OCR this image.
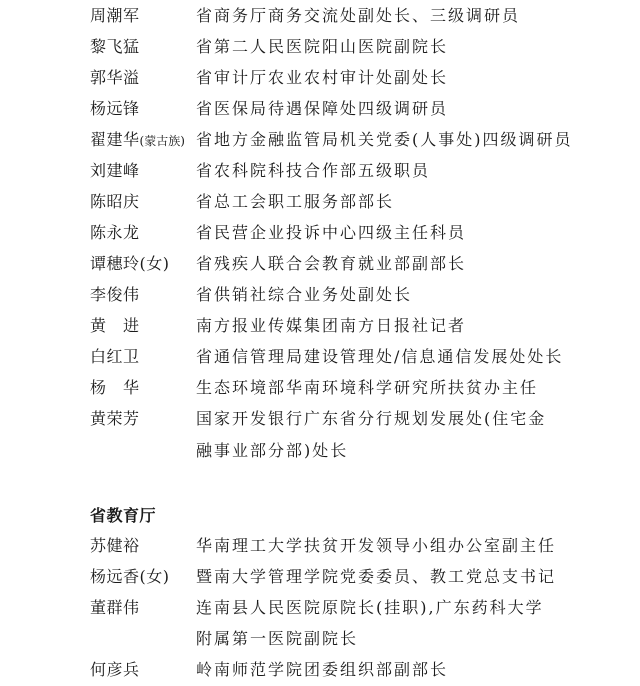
周潮军	省商务厅商务交流处副处长、三级调研员
黎飞猛	省第二人民医院阳山医院副院长
郭华溢	省审计厅农业农村审计处副处长
杨远锋	省医保局待遇保障处四级调研员
翟建华(蒙古族) 省地方金融监管局机关党委(人事处)四级调研员
刘建峰	省农科院科技合作部五级职员
陈昭庆	省总工会职工服务部部长
陈永龙	省民营企业投诉中心四级主任科员
谭穗玲(女)	省残疾人联合会教育就业部副部长
李俊伟	省供销社综合业务处副处长
黄　进	南方报业传媒集团南方日报社记者
白红卫	省通信管理局建设管理处/信息通信发展处处长
杨　华	生态环境部华南环境科学研究所扶贫办主任
黄荣芳	国家开发银行广东省分行规划发展处(住宅金
融事业部分部)处长
省教育厅
苏健裕	华南理工大学扶贫开发领导小组办公室副主任
杨远香(女)	暨南大学管理学院党委委员、教工党总支书记
董群伟	连南县人民医院原院长(挂职),广东药科大学
附属第一医院副院长
何彦兵	岭南师范学院团委组织部副部长
